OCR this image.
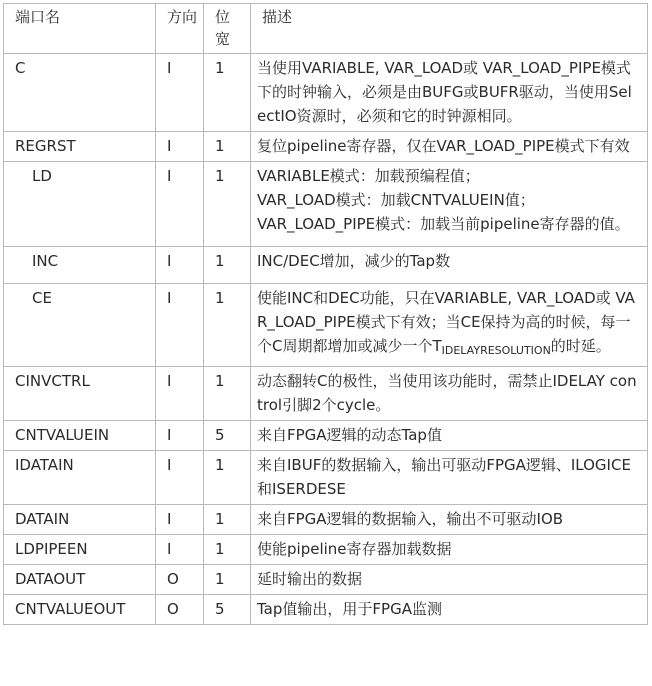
端口名	方向	位宽	描述
C	I	1	当使用VARIABLE, VAR_LOAD或 VAR_LOAD_PIPE模式下的时钟输入，必须是由BUFG或BUFR驱动，当使用SelectIO资源时，必须和它的时钟源相同。
REGRST	I	1	复位pipeline寄存器，仅在VAR_LOAD_PIPE模式下有效
LD	I	1	VARIABLE模式：加载预编程值；
VAR_LOAD模式：加载CNTVALUEIN值；
VAR_LOAD_PIPE模式：加载当前pipeline寄存器的值。

INC	I	1	INC/DEC增加，减少的Tap数

CE	I	1	使能INC和DEC功能，只在VARIABLE, VAR_LOAD或 VAR_LOAD_PIPE模式下有效；当CE保持为高的时候，每一个C周期都增加或减少一个$T_{IDELAYRESOLUTION}$的时延。
CINVCTRL	I	1	动态翻转C的极性，当使用该功能时，需禁止IDELAY control引脚2个cycle。
CNTVALUEIN	I	5	来自FPGA逻辑的动态Tap值
IDATAIN	I	1	来自IBUF的数据输入，输出可驱动FPGA逻辑、ILOGICE和ISERDESE
DATAIN	I	1	来自FPGA逻辑的数据输入，输出不可驱动IOB
LDPIPEEN	I	1	使能pipeline寄存器加载数据
DATAOUT	O	1	延时输出的数据
CNTVALUEOUT	O	5	Tap值输出，用于FPGA监测
